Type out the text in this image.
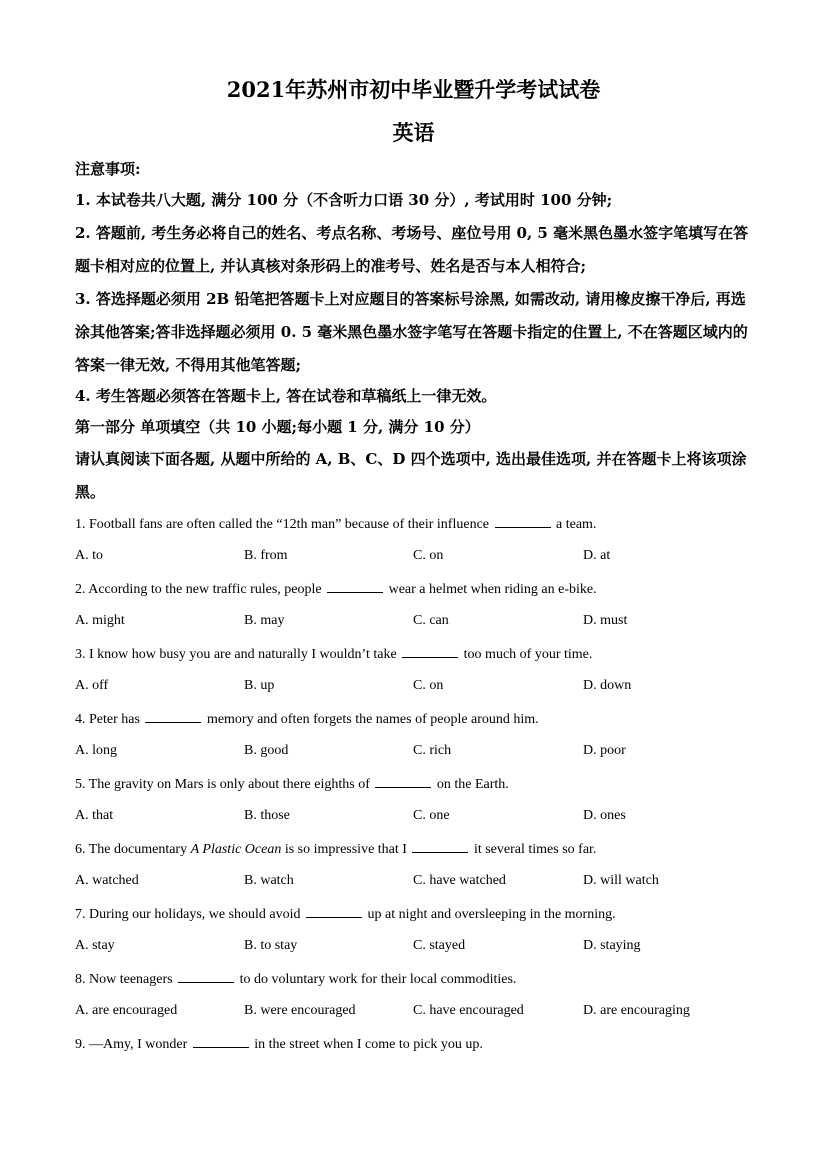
2021年苏州市初中毕业暨升学考试试卷
英语

注意事项:

1. 本试卷共八大题, 满分 100 分（不含听力口语 30 分）, 考试用时 100 分钟;

2. 答题前, 考生务必将自己的姓名、考点名称、考场号、座位号用 0, 5 毫米黑色墨水签字笔填写在答题卡相对应的位置上, 并认真核对条形码上的准考号、姓名是否与本人相符合;

3. 答选择题必须用 2B 铅笔把答题卡上对应题目的答案标号涂黑, 如需改动, 请用橡皮擦干净后, 再选涂其他答案;答非选择题必须用 0. 5 毫米黑色墨水签字笔写在答题卡指定的住置上, 不在答题区域内的答案一律无效, 不得用其他笔答题;

4. 考生答题必须答在答题卡上, 答在试卷和草稿纸上一律无效。

第一部分 单项填空（共 10 小题;每小题 1 分, 满分 10 分）

请认真阅读下面各题, 从题中所给的 A, B、C、D 四个选项中, 选出最佳选项, 并在答题卡上将该项涂黑。

1. Football fans are often called the “12th man” because of their influence	a team.
A. to	B. from	C. on	D. at
2. According to the new traffic rules, people	wear a helmet when riding an e-bike.
A. might	B. may	C. can	D. must
3. I know how busy you are and naturally I wouldn’t take	too much of your time.
A. off	B. up	C. on	D. down
4. Peter has	memory and often forgets the names of people around him.
A. long	B. good	C. rich	D. poor
5. The gravity on Mars is only about there eighths of	on the Earth.
A. that	B. those	C. one	D. ones
6. The documentary A Plastic Ocean is so impressive that I	it several times so far.
A. watched	B. watch	C. have watched	D. will watch
7. During our holidays, we should avoid	up at night and oversleeping in the morning.
A. stay	B. to stay	C. stayed	D. staying
8. Now teenagers	to do voluntary work for their local commodities.
A. are encouraged	B. were encouraged	C. have encouraged	D. are encouraging
9. —Amy, I wonder	in the street when I come to pick you up.
